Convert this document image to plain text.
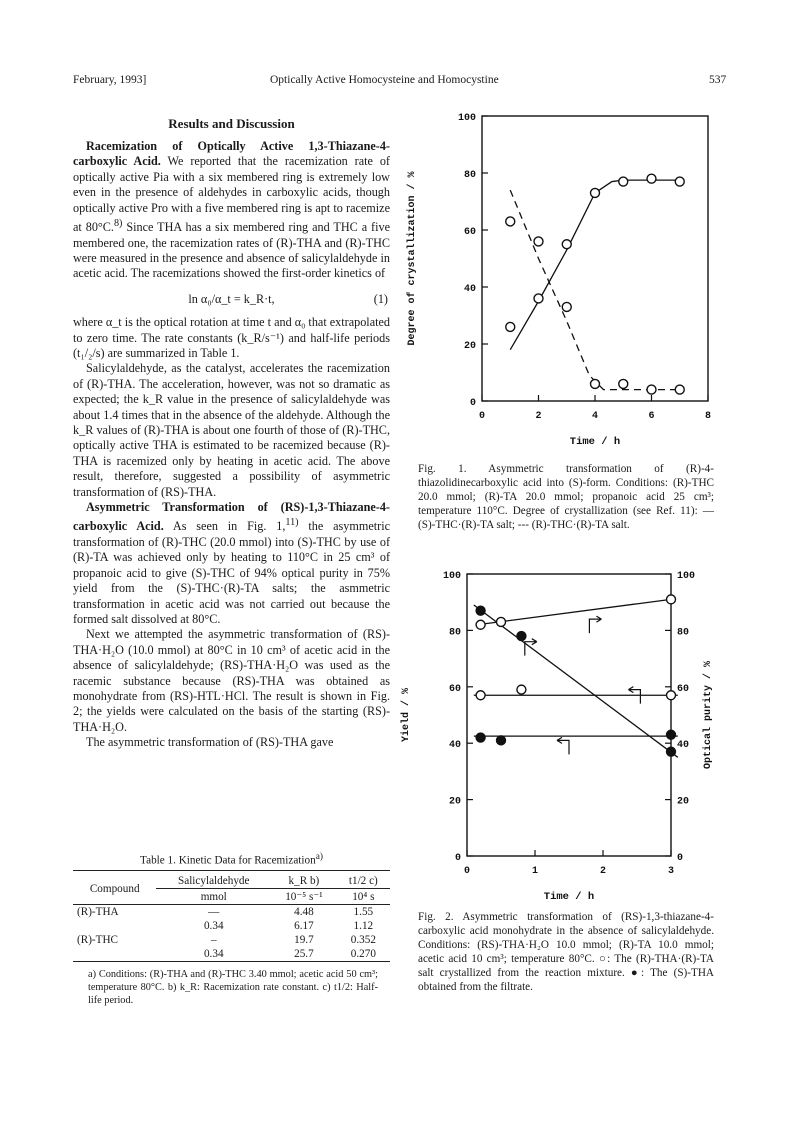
February, 1993]	Optically Active Homocysteine and Homocystine	537
Results and Discussion

Racemization of Optically Active 1,3-Thiazane-4-carboxylic Acid. We reported that the racemization rate of optically active Pia with a six membered ring is extremely low even in the presence of aldehydes in carboxylic acids, though optically active Pro with a five membered ring is apt to racemize at 80°C.$^{8)}$ Since THA has a six membered ring and THC a five membered one, the racemization rates of (R)-THA and (R)-THC were measured in the presence and absence of salicylaldehyde in acetic acid. The racemizations showed the first-order kinetics of

ln α₀/α_t = k_R·t,	(1)

where α_t is the optical rotation at time t and α₀ that extrapolated to zero time. The rate constants (k_R/s⁻¹) and half-life periods (t₁/₂/s) are summarized in Table 1.

Salicylaldehyde, as the catalyst, accelerates the racemization of (R)-THA. The acceleration, however, was not so dramatic as expected; the k_R value in the presence of salicylaldehyde was about 1.4 times that in the absence of the aldehyde. Although the k_R values of (R)-THA is about one fourth of those of (R)-THC, optically active THA is estimated to be racemized because (R)-THA is racemized only by heating in acetic acid. The above result, therefore, suggested a possibility of asymmetric transformation of (RS)-THA.

Asymmetric Transformation of (RS)-1,3-Thiazane-4-carboxylic Acid. As seen in Fig. 1,$^{11)}$ the asymmetric transformation of (R)-THC (20.0 mmol) into (S)-THC by use of (R)-TA was achieved only by heating to 110°C in 25 cm³ of propanoic acid to give (S)-THC of 94% optical purity in 75% yield from the (S)-THC·(R)-TA salts; the asmmetric transformation in acetic acid was not carried out because the formed salt dissolved at 80°C.

Next we attempted the asymmetric transformation of (RS)-THA·H₂O (10.0 mmol) at 80°C in 10 cm³ of acetic acid in the absence of salicylaldehyde; (RS)-THA·H₂O was used as the racemic substance because (RS)-THA was obtained as monohydrate from (RS)-HTL·HCl. The result is shown in Fig. 2; the yields were calculated on the basis of the starting (RS)-THA·H₂O.

The asymmetric transformation of (RS)-THA gave

Table 1. Kinetic Data for Racemization$^{a)}$
Compound	Salicylaldehyde	k_R b)	t1/2 c)
	mmol	10⁻⁵ s⁻¹	10⁴ s
(R)-THA	—	4.48	1.55
	0.34	6.17	1.12
(R)-THC	–	19.7	0.352
	0.34	25.7	0.270
a) Conditions: (R)-THA and (R)-THC 3.40 mmol; acetic acid 50 cm³; temperature 80°C. b) k_R: Racemization rate constant. c) t1/2: Half-life period.
0	2	4	6	8
0
20
40
60
80
100
Time / h
Degree of crystallization / %
Fig. 1. Asymmetric transformation of (R)-4-thiazolidinecarboxylic acid into (S)-form. Conditions: (R)-THC 20.0 mmol; (R)-TA 20.0 mmol; propanoic acid 25 cm³; temperature 110°C. Degree of crystallization (see Ref. 11): — (S)-THC·(R)-TA salt; --- (R)-THC·(R)-TA salt.
0	1	2	3
0
20
40
60
80
100
0
20
40
60
80
100
Time / h
Yield / %	Optical purity / %
Fig. 2. Asymmetric transformation of (RS)-1,3-thiazane-4-carboxylic acid monohydrate in the absence of salicylaldehyde. Conditions: (RS)-THA·H₂O 10.0 mmol; (R)-TA 10.0 mmol; acetic acid 10 cm³; temperature 80°C. ○: The (R)-THA·(R)-TA salt crystallized from the reaction mixture. ●: The (S)-THA obtained from the filtrate.
